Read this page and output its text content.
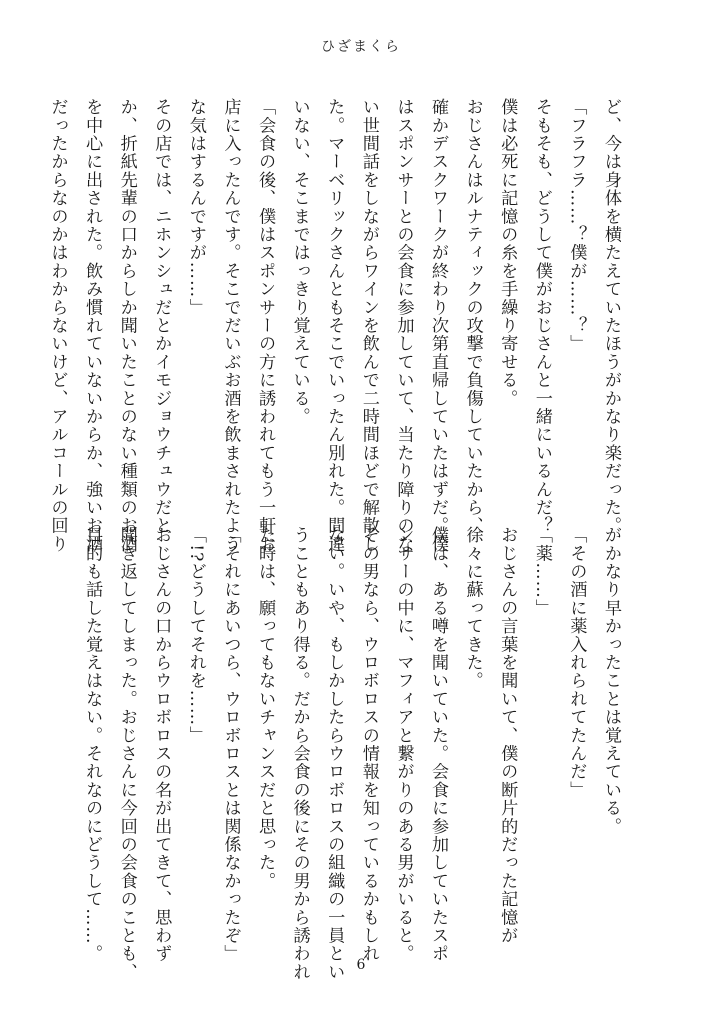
ひざまくら
ど、今は身体を横たえていたほうがかなり楽だった。
「フラフラ……？僕が……？」
そもそも、どうして僕がおじさんと一緒にいるんだ？
僕は必死に記憶の糸を手繰り寄せる。
おじさんはルナティックの攻撃で負傷していたから、
確かデスクワークが終わり次第直帰していたはずだ。僕
はスポンサーとの会食に参加していて、当たり障りのな
い世間話をしながらワインを飲んで二時間ほどで解散し
た。マーベリックさんともそこでいったん別れた。間違
いない、そこまではっきり覚えている。
「会食の後、僕はスポンサーの方に誘われてもう一軒お
店に入ったんです。そこでだいぶお酒を飲まされたよう
な気はするんですが……」
その店では、ニホンシュだとかイモジョウチュウだと
か、折紙先輩の口からしか聞いたことのない種類のお酒
を中心に出された。飲み慣れていないからか、強いお酒
だったからなのかはわからないけど、アルコールの回り
がかなり早かったことは覚えている。
「その酒に薬入れられてたんだ」
「薬……」
おじさんの言葉を聞いて、僕の断片的だった記憶が
徐々に蘇ってきた。
僕は、ある噂を聞いていた。会食に参加していたスポ
ンサーの中に、マフィアと繋がりのある男がいると。
その男なら、ウロボロスの情報を知っているかもしれ
ない。いや、もしかしたらウロボロスの組織の一員とい
うこともあり得る。だから会食の後にその男から誘われ
た時は、願ってもないチャンスだと思った。
「それにあいつら、ウロボロスとは関係なかったぞ」
「!?どうしてそれを……」
おじさんの口からウロボロスの名が出てきて、思わず
聞き返してしまった。おじさんに今回の会食のことも、
目的も話した覚えはない。それなのにどうして……。
6
